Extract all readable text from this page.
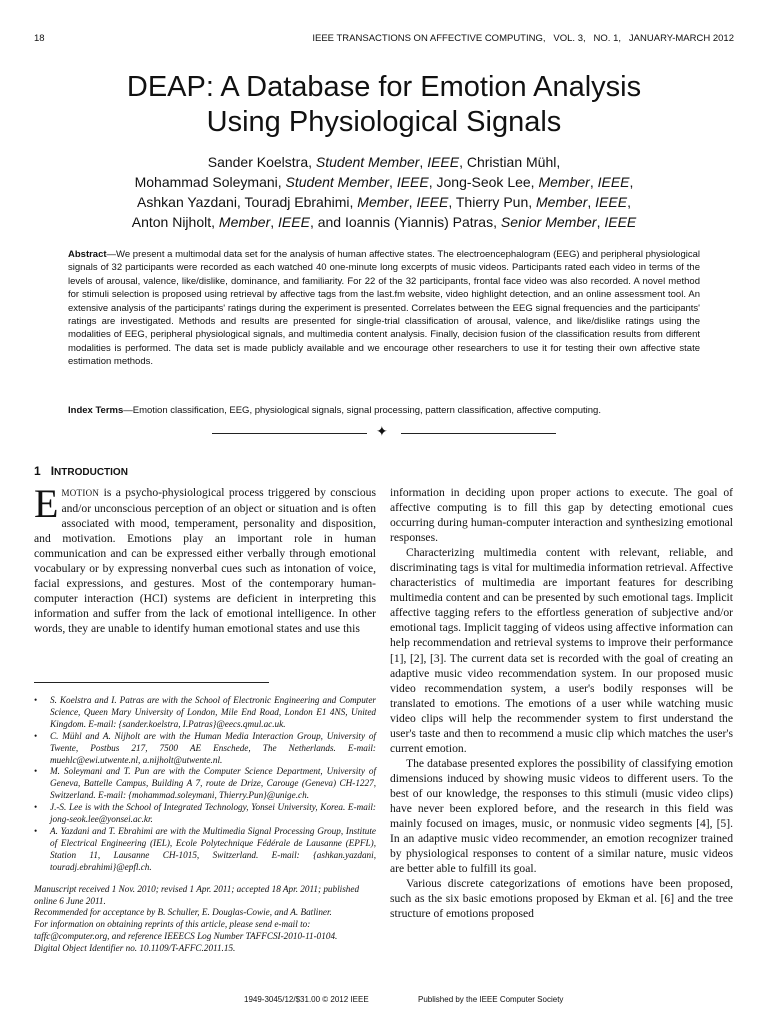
18	IEEE TRANSACTIONS ON AFFECTIVE COMPUTING,   VOL. 3,   NO. 1,   JANUARY-MARCH 2012
DEAP: A Database for Emotion Analysis
Using Physiological Signals
Sander Koelstra, Student Member, IEEE, Christian Mühl,
Mohammad Soleymani, Student Member, IEEE, Jong-Seok Lee, Member, IEEE,
Ashkan Yazdani, Touradj Ebrahimi, Member, IEEE, Thierry Pun, Member, IEEE,
Anton Nijholt, Member, IEEE, and Ioannis (Yiannis) Patras, Senior Member, IEEE
Abstract—We present a multimodal data set for the analysis of human affective states. The electroencephalogram (EEG) and peripheral physiological signals of 32 participants were recorded as each watched 40 one-minute long excerpts of music videos. Participants rated each video in terms of the levels of arousal, valence, like/dislike, dominance, and familiarity. For 22 of the 32 participants, frontal face video was also recorded. A novel method for stimuli selection is proposed using retrieval by affective tags from the last.fm website, video highlight detection, and an online assessment tool. An extensive analysis of the participants' ratings during the experiment is presented. Correlates between the EEG signal frequencies and the participants' ratings are investigated. Methods and results are presented for single-trial classification of arousal, valence, and like/dislike ratings using the modalities of EEG, peripheral physiological signals, and multimedia content analysis. Finally, decision fusion of the classification results from different modalities is performed. The data set is made publicly available and we encourage other researchers to use it for testing their own affective state estimation methods.
Index Terms—Emotion classification, EEG, physiological signals, signal processing, pattern classification, affective computing.
✦
1 INTRODUCTION

EMOTION is a psycho-physiological process triggered by conscious and/or unconscious perception of an object or situation and is often associated with mood, temperament, personality and disposition, and motivation. Emotions play an important role in human communication and can be expressed either verbally through emotional vocabulary or by expressing nonverbal cues such as intonation of voice, facial expressions, and gestures. Most of the contemporary human-computer interaction (HCI) systems are deficient in interpreting this information and suffer from the lack of emotional intelligence. In other words, they are unable to identify human emotional states and use this

• S. Koelstra and I. Patras are with the School of Electronic Engineering and Computer Science, Queen Mary University of London, Mile End Road, London E1 4NS, United Kingdom. E-mail: {sander.koelstra, I.Patras}@eecs.qmul.ac.uk.
• C. Mühl and A. Nijholt are with the Human Media Interaction Group, University of Twente, Postbus 217, 7500 AE Enschede, The Netherlands. E-mail: muehlc@ewi.utwente.nl, a.nijholt@utwente.nl.
• M. Soleymani and T. Pun are with the Computer Science Department, University of Geneva, Battelle Campus, Building A 7, route de Drize, Carouge (Geneva) CH-1227, Switzerland. E-mail: {mohammad.soleymani, Thierry.Pun}@unige.ch.
• J.-S. Lee is with the School of Integrated Technology, Yonsei University, Korea. E-mail: jong-seok.lee@yonsei.ac.kr.
• A. Yazdani and T. Ebrahimi are with the Multimedia Signal Processing Group, Institute of Electrical Engineering (IEL), Ecole Polytechnique Fédérale de Lausanne (EPFL), Station 11, Lausanne CH-1015, Switzerland. E-mail: {ashkan.yazdani, touradj.ebrahimi}@epfl.ch.
Manuscript received 1 Nov. 2010; revised 1 Apr. 2011; accepted 18 Apr. 2011; published online 6 June 2011.
Recommended for acceptance by B. Schuller, E. Douglas-Cowie, and A. Batliner.
For information on obtaining reprints of this article, please send e-mail to: taffc@computer.org, and reference IEEECS Log Number TAFFCSI-2010-11-0104.
Digital Object Identifier no. 10.1109/T-AFFC.2011.15.

information in deciding upon proper actions to execute. The goal of affective computing is to fill this gap by detecting emotional cues occurring during human-computer interaction and synthesizing emotional responses.

Characterizing multimedia content with relevant, reliable, and discriminating tags is vital for multimedia information retrieval. Affective characteristics of multimedia are important features for describing multimedia content and can be presented by such emotional tags. Implicit affective tagging refers to the effortless generation of subjective and/or emotional tags. Implicit tagging of videos using affective information can help recommendation and retrieval systems to improve their performance [1], [2], [3]. The current data set is recorded with the goal of creating an adaptive music video recommendation system. In our proposed music video recommendation system, a user's bodily responses will be translated to emotions. The emotions of a user while watching music video clips will help the recommender system to first understand the user's taste and then to recommend a music clip which matches the user's current emotion.

The database presented explores the possibility of classifying emotion dimensions induced by showing music videos to different users. To the best of our knowledge, the responses to this stimuli (music video clips) have never been explored before, and the research in this field was mainly focused on images, music, or nonmusic video segments [4], [5]. In an adaptive music video recommender, an emotion recognizer trained by physiological responses to content of a similar nature, music videos are better able to fulfill its goal.

Various discrete categorizations of emotions have been proposed, such as the six basic emotions proposed by Ekman et al. [6] and the tree structure of emotions proposed

1949-3045/12/$31.00 © 2012 IEEE	Published by the IEEE Computer Society
